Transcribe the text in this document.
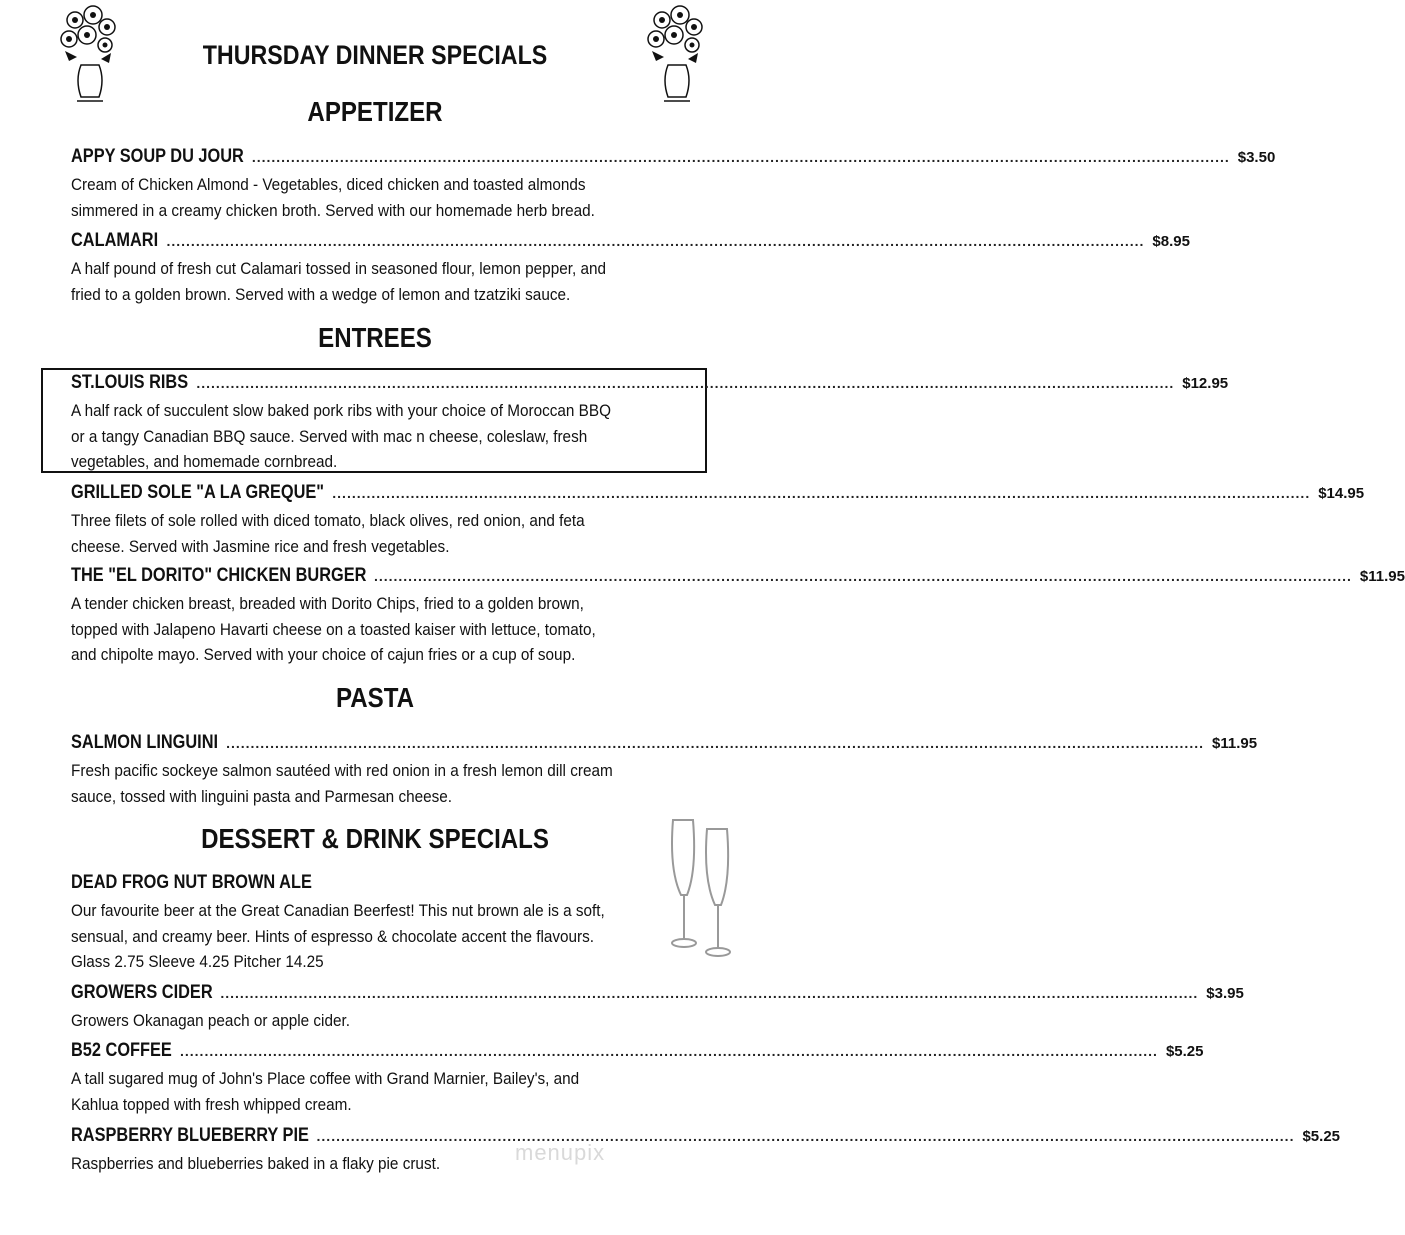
THURSDAY DINNER SPECIALS
APPETIZER
APPY SOUP DU JOUR ........................................................................................................................................................................................................ $3.50
Cream of Chicken Almond - Vegetables, diced chicken and toasted almonds
simmered in a creamy chicken broth. Served with our homemade herb bread.
CALAMARI ........................................................................................................................................................................................................ $8.95
A half pound of fresh cut Calamari tossed in seasoned flour, lemon pepper, and
fried to a golden brown. Served with a wedge of lemon and tzatziki sauce.
ENTREES
ST.LOUIS RIBS ........................................................................................................................................................................................................ $12.95
A half rack of succulent slow baked pork ribs with your choice of Moroccan BBQ
or a tangy Canadian BBQ sauce. Served with mac n cheese, coleslaw, fresh
vegetables, and homemade cornbread.
GRILLED SOLE "A LA GREQUE" ........................................................................................................................................................................................................ $14.95
Three filets of sole rolled with diced tomato, black olives, red onion, and feta
cheese. Served with Jasmine rice and fresh vegetables.
THE "EL DORITO" CHICKEN BURGER ........................................................................................................................................................................................................ $11.95
A tender chicken breast, breaded with Dorito Chips, fried to a golden brown,
topped with Jalapeno Havarti cheese on a toasted kaiser with lettuce, tomato,
and chipolte mayo. Served with your choice of cajun fries or a cup of soup.
PASTA
SALMON LINGUINI ........................................................................................................................................................................................................ $11.95
Fresh pacific sockeye salmon sautéed with red onion in a fresh lemon dill cream
sauce, tossed with linguini pasta and Parmesan cheese.
DESSERT & DRINK SPECIALS
DEAD FROG NUT BROWN ALE
Our favourite beer at the Great Canadian Beerfest! This nut brown ale is a soft,
sensual, and creamy beer. Hints of espresso & chocolate accent the flavours.
Glass 2.75 Sleeve 4.25 Pitcher 14.25
GROWERS CIDER ........................................................................................................................................................................................................ $3.95
Growers Okanagan peach or apple cider.
B52 COFFEE ........................................................................................................................................................................................................ $5.25
A tall sugared mug of John's Place coffee with Grand Marnier, Bailey's, and
Kahlua topped with fresh whipped cream.
RASPBERRY BLUEBERRY PIE ........................................................................................................................................................................................................ $5.25
Raspberries and blueberries baked in a flaky pie crust.	menupix
